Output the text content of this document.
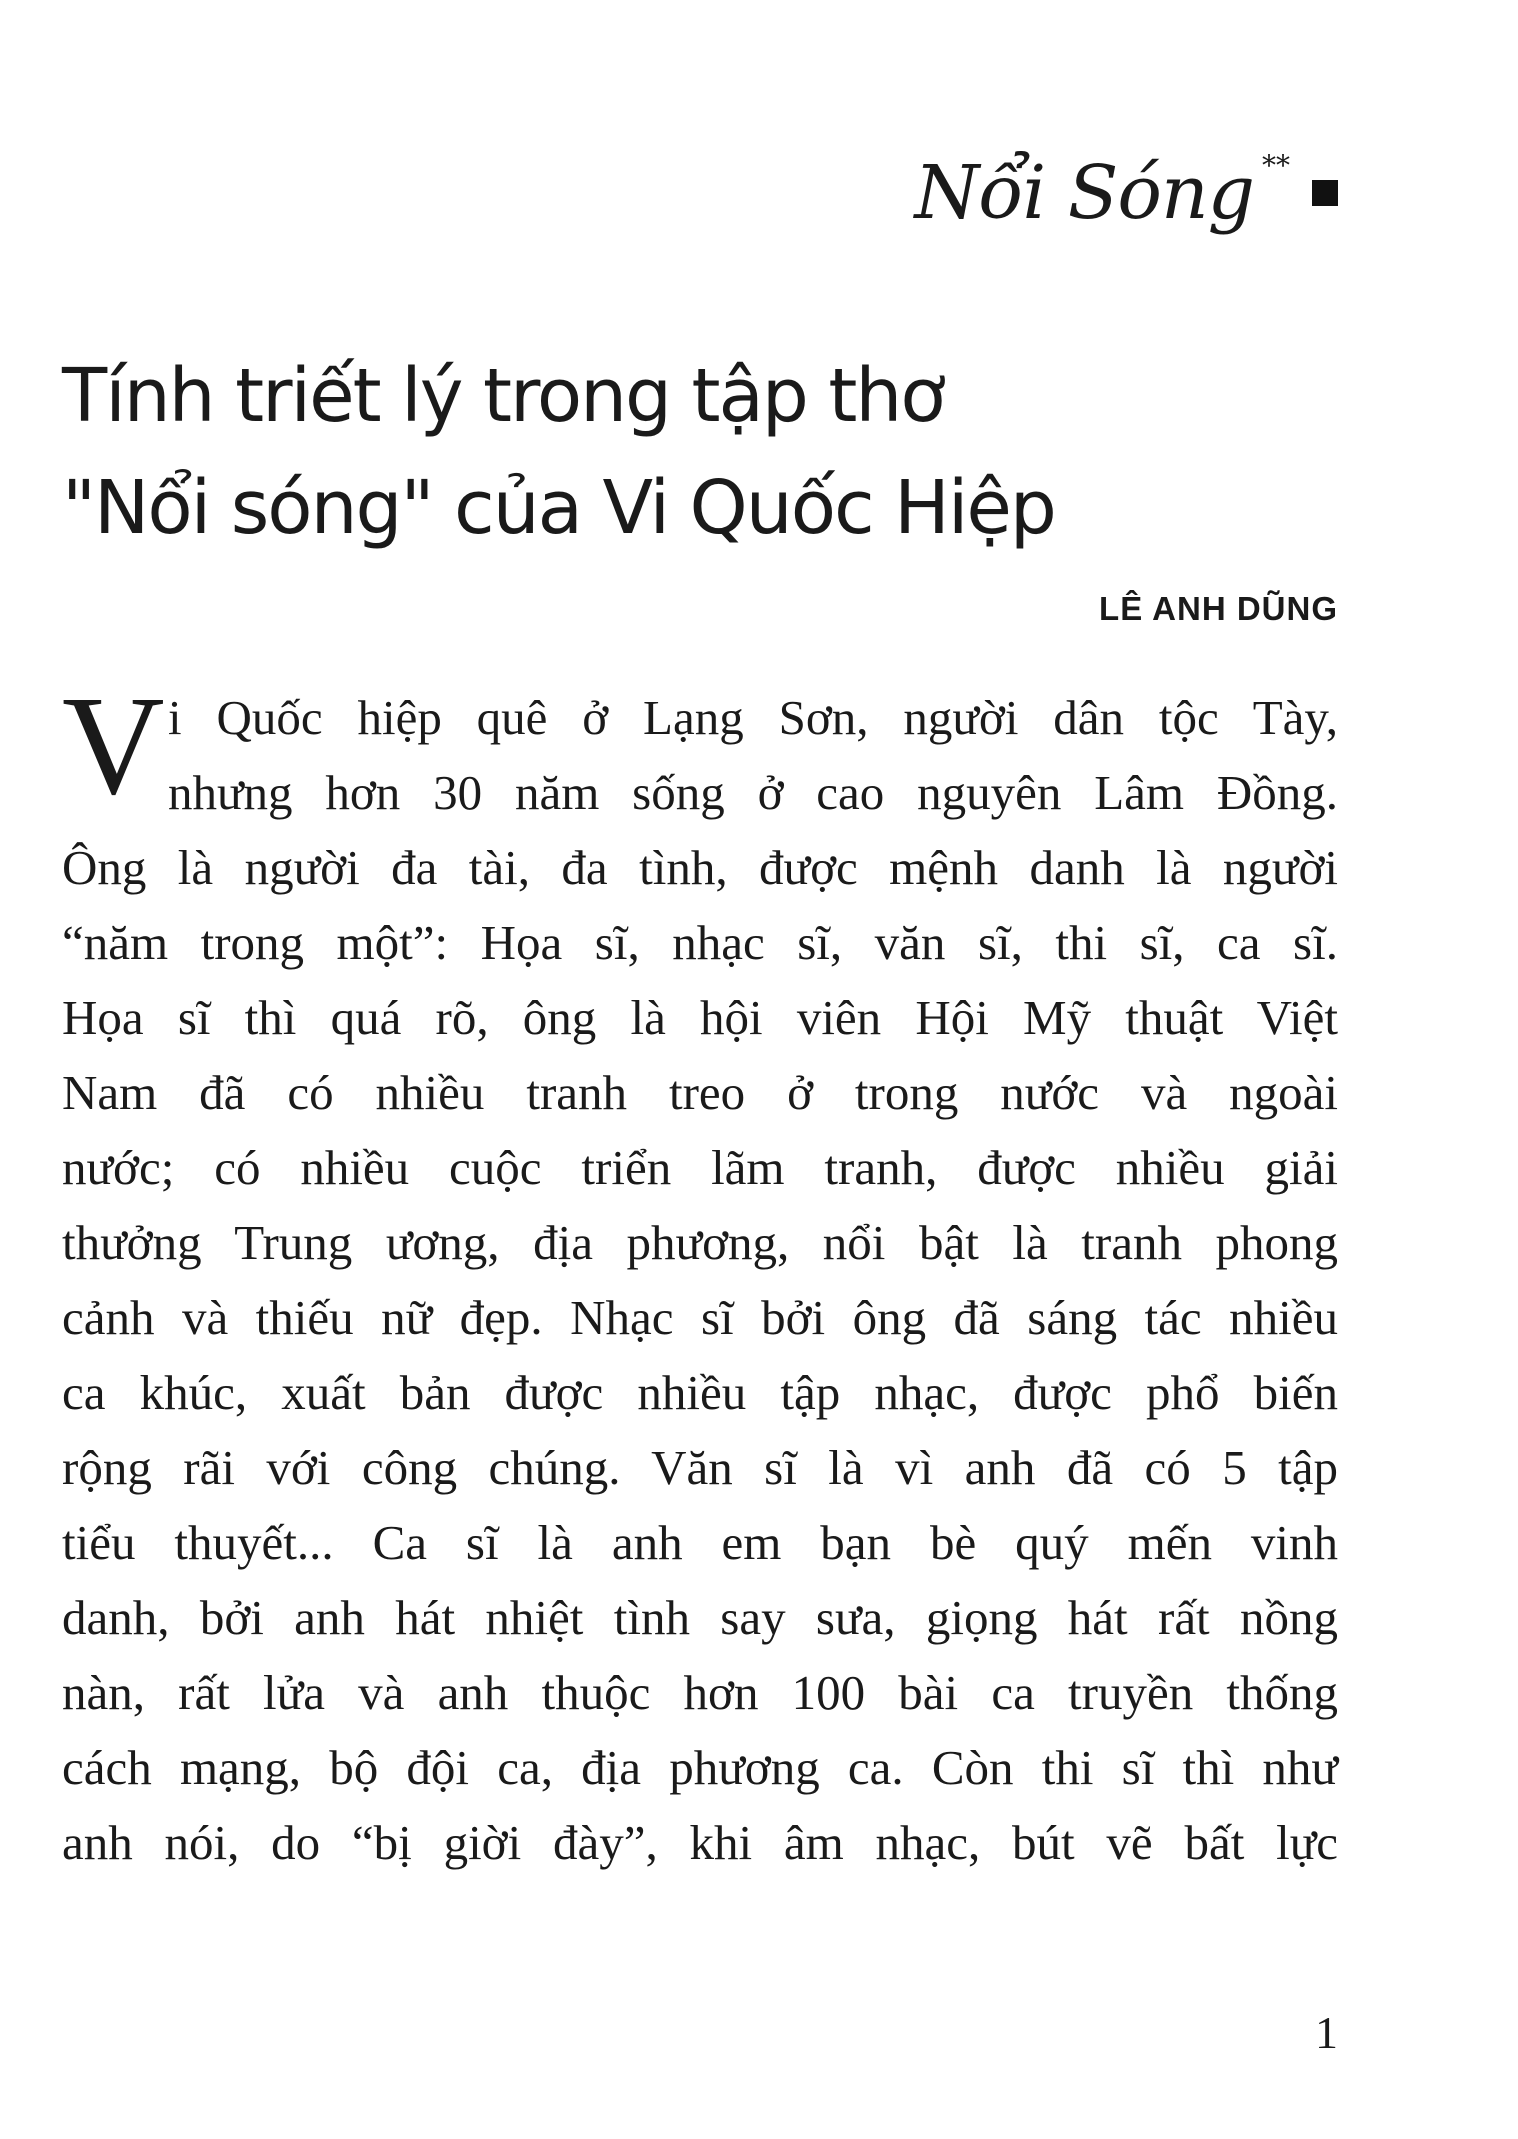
Nổi Sóng **
Tính triết lý trong tập thơ
"Nổi sóng" của Vi Quốc Hiệp
LÊ ANH DŨNG
V i Quốc hiệp quê ở Lạng Sơn, người dân tộc Tày,
nhưng hơn 30 năm sống ở cao nguyên Lâm Đồng.
Ông là người đa tài, đa tình, được mệnh danh là người
“năm trong một”: Họa sĩ, nhạc sĩ, văn sĩ, thi sĩ, ca sĩ.
Họa sĩ thì quá rõ, ông là hội viên Hội Mỹ thuật Việt
Nam đã có nhiều tranh treo ở trong nước và ngoài
nước; có nhiều cuộc triển lãm tranh, được nhiều giải
thưởng Trung ương, địa phương, nổi bật là tranh phong
cảnh và thiếu nữ đẹp. Nhạc sĩ bởi ông đã sáng tác nhiều
ca khúc, xuất bản được nhiều tập nhạc, được phổ biến
rộng rãi với công chúng. Văn sĩ là vì anh đã có 5 tập
tiểu thuyết... Ca sĩ là anh em bạn bè quý mến vinh
danh, bởi anh hát nhiệt tình say sưa, giọng hát rất nồng
nàn, rất lửa và anh thuộc hơn 100 bài ca truyền thống
cách mạng, bộ đội ca, địa phương ca. Còn thi sĩ thì như
anh nói, do “bị giời đày”, khi âm nhạc, bút vẽ bất lực
1
